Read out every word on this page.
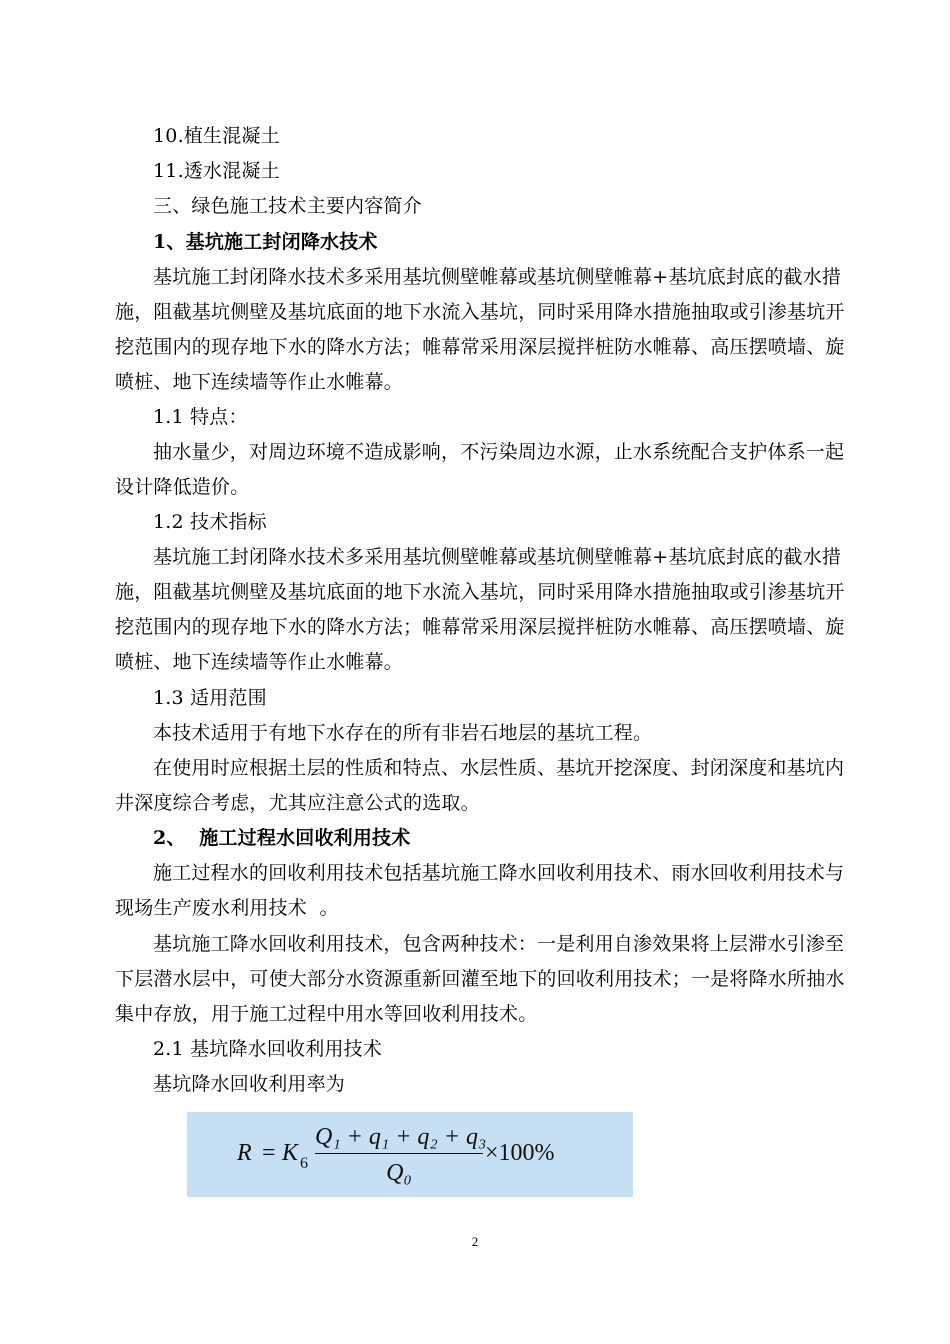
10.植生混凝土
11.透水混凝土
三、绿色施工技术主要内容简介
1、基坑施工封闭降水技术
基坑施工封闭降水技术多采用基坑侧壁帷幕或基坑侧壁帷幕+基坑底封底的截水措
施，阻截基坑侧壁及基坑底面的地下水流入基坑，同时采用降水措施抽取或引渗基坑开
挖范围内的现存地下水的降水方法；帷幕常采用深层搅拌桩防水帷幕、高压摆喷墙、旋
喷桩、地下连续墙等作止水帷幕。
1.1 特点：
抽水量少，对周边环境不造成影响，不污染周边水源，止水系统配合支护体系一起
设计降低造价。
1.2 技术指标
基坑施工封闭降水技术多采用基坑侧壁帷幕或基坑侧壁帷幕+基坑底封底的截水措
施，阻截基坑侧壁及基坑底面的地下水流入基坑，同时采用降水措施抽取或引渗基坑开
挖范围内的现存地下水的降水方法；帷幕常采用深层搅拌桩防水帷幕、高压摆喷墙、旋
喷桩、地下连续墙等作止水帷幕。
1.3 适用范围
本技术适用于有地下水存在的所有非岩石地层的基坑工程。
在使用时应根据土层的性质和特点、水层性质、基坑开挖深度、封闭深度和基坑内
井深度综合考虑，尤其应注意公式的选取。
2、  施工过程水回收利用技术
施工过程水的回收利用技术包括基坑施工降水回收利用技术、雨水回收利用技术与
现场生产废水利用技术  。
基坑施工降水回收利用技术，包含两种技术：一是利用自渗效果将上层滞水引渗至
下层潜水层中，可使大部分水资源重新回灌至地下的回收利用技术；一是将降水所抽水
集中存放，用于施工过程中用水等回收利用技术。
2.1 基坑降水回收利用技术
基坑降水回收利用率为
R = K 6
Q₁ + q₁ + q₂ + q₃
Q₀
×100%
2
